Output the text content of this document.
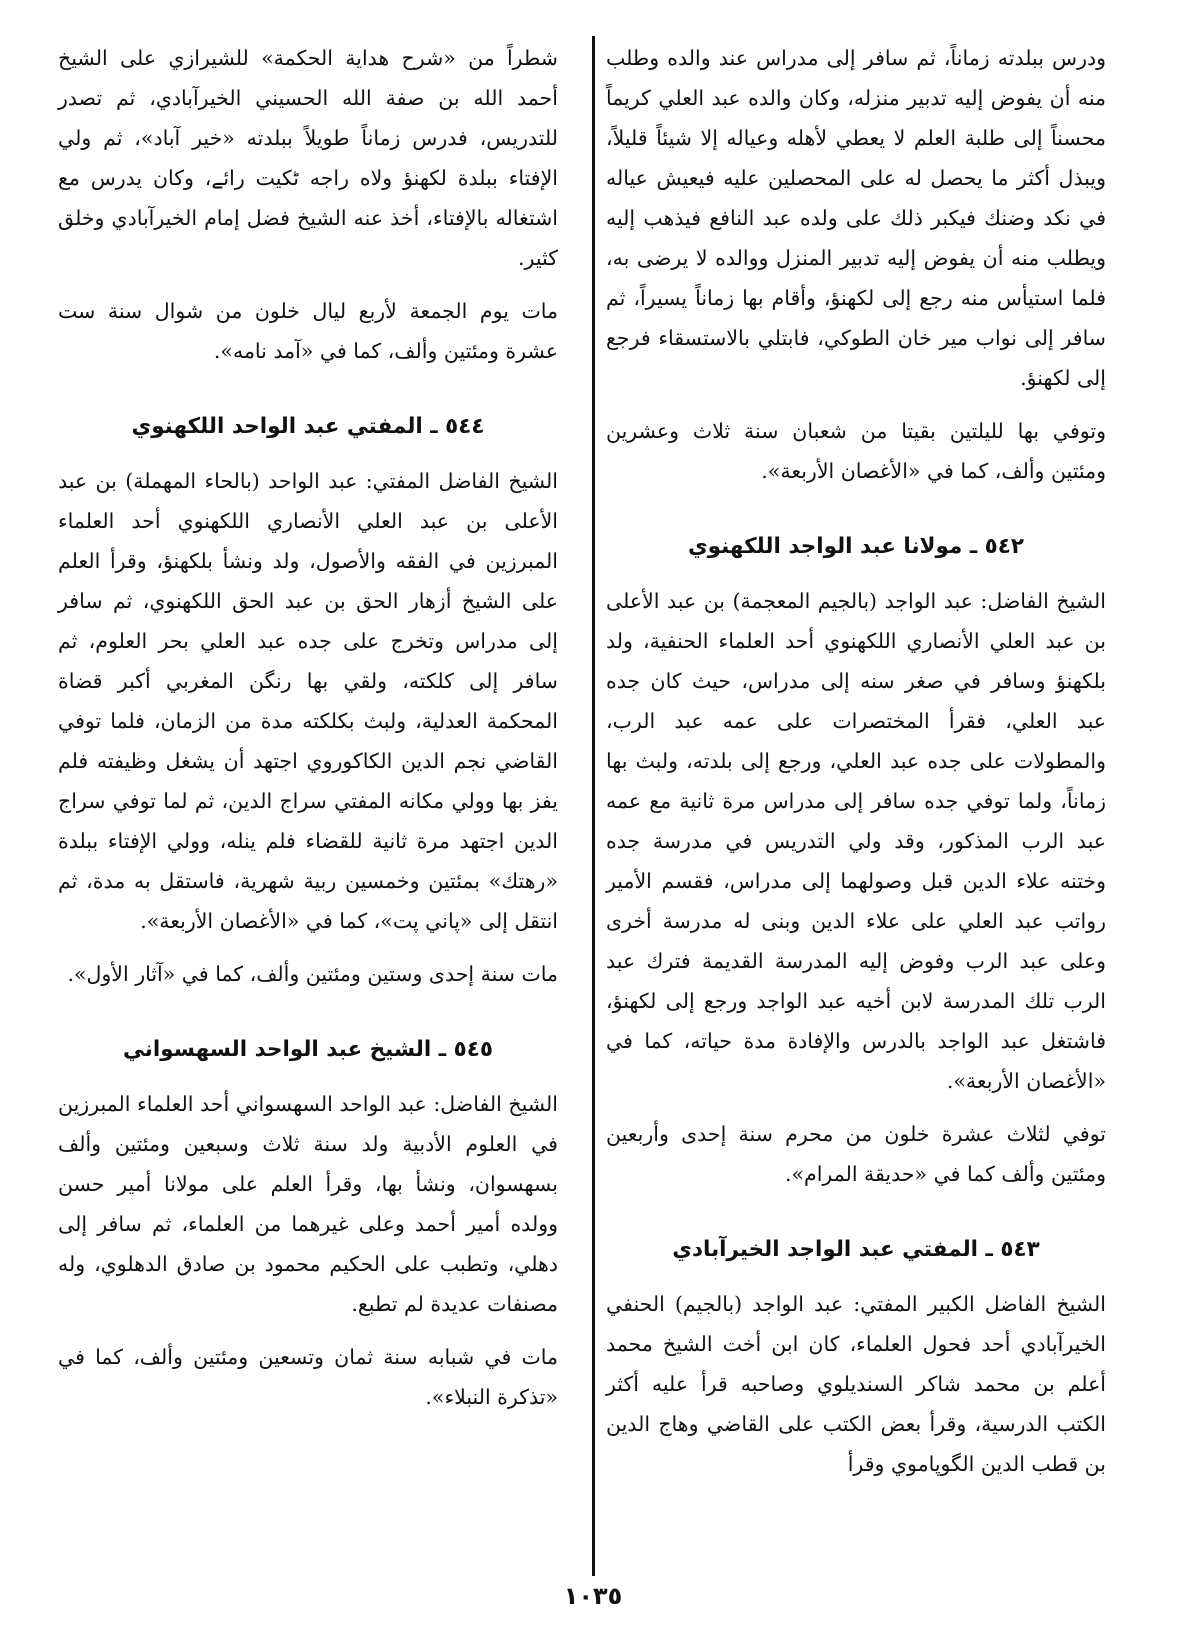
ودرس ببلدته زماناً، ثم سافر إلى مدراس عند والده وطلب منه أن يفوض إليه تدبير منزله، وكان والده عبد العلي كريماً محسناً إلى طلبة العلم لا يعطي لأهله وعياله إلا شيئاً قليلاً، ويبذل أكثر ما يحصل له على المحصلين عليه فيعيش عياله في نكد وضنك فيكبر ذلك على ولده عبد النافع فيذهب إليه ويطلب منه أن يفوض إليه تدبير المنزل ووالده لا يرضى به، فلما استيأس منه رجع إلى لكهنؤ، وأقام بها زماناً يسيراً، ثم سافر إلى نواب مير خان الطوكي، فابتلي بالاستسقاء فرجع إلى لكهنؤ.

وتوفي بها لليلتين بقيتا من شعبان سنة ثلاث وعشرين ومئتين وألف، كما في «الأغصان الأربعة».

٥٤٢ ـ مولانا عبد الواجد اللكهنوي

الشيخ الفاضل: عبد الواجد (بالجيم المعجمة) بن عبد الأعلى بن عبد العلي الأنصاري اللكهنوي أحد العلماء الحنفية، ولد بلكهنؤ وسافر في صغر سنه إلى مدراس، حيث كان جده عبد العلي، فقرأ المختصرات على عمه عبد الرب، والمطولات على جده عبد العلي، ورجع إلى بلدته، ولبث بها زماناً، ولما توفي جده سافر إلى مدراس مرة ثانية مع عمه عبد الرب المذكور، وقد ولي التدريس في مدرسة جده وختنه علاء الدين قبل وصولهما إلى مدراس، فقسم الأمير رواتب عبد العلي على علاء الدين وبنى له مدرسة أخرى وعلى عبد الرب وفوض إليه المدرسة القديمة فترك عبد الرب تلك المدرسة لابن أخيه عبد الواجد ورجع إلى لكهنؤ، فاشتغل عبد الواجد بالدرس والإفادة مدة حياته، كما في «الأغصان الأربعة».

توفي لثلاث عشرة خلون من محرم سنة إحدى وأربعين ومئتين وألف كما في «حديقة المرام».

٥٤٣ ـ المفتي عبد الواجد الخيرآبادي

الشيخ الفاضل الكبير المفتي: عبد الواجد (بالجيم) الحنفي الخيرآبادي أحد فحول العلماء، كان ابن أخت الشيخ محمد أعلم بن محمد شاكر السنديلوي وصاحبه قرأ عليه أكثر الكتب الدرسية، وقرأ بعض الكتب على القاضي وهاج الدين بن قطب الدين الگوپاموي وقرأ

شطراً من «شرح هداية الحكمة» للشيرازي على الشيخ أحمد الله بن صفة الله الحسيني الخيرآبادي، ثم تصدر للتدريس، فدرس زماناً طويلاً ببلدته «خير آباد»، ثم ولي الإفتاء ببلدة لكهنؤ ولاه راجه ٹکیت رائے، وكان يدرس مع اشتغاله بالإفتاء، أخذ عنه الشيخ فضل إمام الخيرآبادي وخلق كثير.

مات يوم الجمعة لأربع ليال خلون من شوال سنة ست عشرة ومئتين وألف، كما في «آمد نامه».

٥٤٤ ـ المفتي عبد الواحد اللكهنوي

الشيخ الفاضل المفتي: عبد الواحد (بالحاء المهملة) بن عبد الأعلى بن عبد العلي الأنصاري اللكهنوي أحد العلماء المبرزين في الفقه والأصول، ولد ونشأ بلكهنؤ، وقرأ العلم على الشيخ أزهار الحق بن عبد الحق اللكهنوي، ثم سافر إلى مدراس وتخرج على جده عبد العلي بحر العلوم، ثم سافر إلى كلكته، ولقي بها رنگن المغربي أكبر قضاة المحكمة العدلية، ولبث بكلكته مدة من الزمان، فلما توفي القاضي نجم الدين الكاكوروي اجتهد أن يشغل وظيفته فلم يفز بها وولي مكانه المفتي سراج الدين، ثم لما توفي سراج الدين اجتهد مرة ثانية للقضاء فلم ينله، وولي الإفتاء ببلدة «رهتك» بمئتين وخمسين ربية شهرية، فاستقل به مدة، ثم انتقل إلى «پاني پت»، كما في «الأغصان الأربعة».

مات سنة إحدى وستين ومئتين وألف، كما في «آثار الأول».

٥٤٥ ـ الشيخ عبد الواحد السهسواني

الشيخ الفاضل: عبد الواحد السهسواني أحد العلماء المبرزين في العلوم الأدبية ولد سنة ثلاث وسبعين ومئتين وألف بسهسوان، ونشأ بها، وقرأ العلم على مولانا أمير حسن وولده أمير أحمد وعلى غيرهما من العلماء، ثم سافر إلى دهلي، وتطبب على الحكيم محمود بن صادق الدهلوي، وله مصنفات عديدة لم تطبع.

مات في شبابه سنة ثمان وتسعين ومئتين وألف، كما في «تذكرة النبلاء».

١٠٣٥
